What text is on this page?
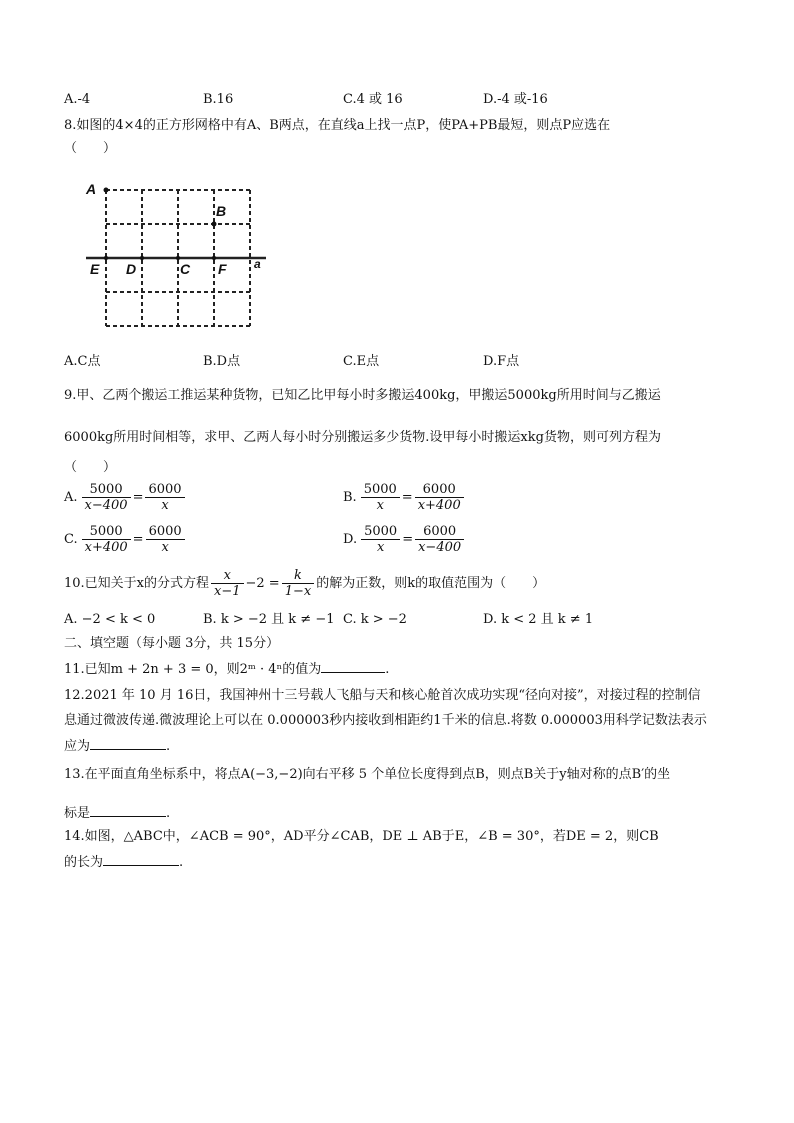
A.-4	B.16	C.4 或 16	D.-4 或-16
8.如图的4×4的正方形网格中有A、B两点，在直线a上找一点P，使PA+PB最短，则点P应选在
（　　）
A
B
E D	C F a
A.C点	B.D点	C.E点	D.F点
9.甲、乙两个搬运工推运某种货物，已知乙比甲每小时多搬运400kg，甲搬运5000kg所用时间与乙搬运
6000kg所用时间相等，求甲、乙两人每小时分别搬运多少货物.设甲每小时搬运xkg货物，则可列方程为
（　　）
A. $\frac{5000}{x-400} = \frac{6000}{x}$	B. $\frac{5000}{x} = \frac{6000}{x+400}$
C. $\frac{5000}{x+400} = \frac{6000}{x}$	D. $\frac{5000}{x} = \frac{6000}{x-400}$
10.已知关于x的分式方程 $\frac{x}{x-1} -2 = \frac{k}{1-x}$ 的解为正数，则k的取值范围为（　　）
A. −2 < k < 0	B. k > −2 且 k ≠ −1 C. k > −2	D. k < 2 且 k ≠ 1
二、填空题（每小题 3分，共 15分）
11.已知m + 2n + 3 = 0，则2ᵐ · 4ⁿ的值为	.
12.2021 年 10 月 16日，我国神州十三号载人飞船与天和核心舱首次成功实现“径向对接”，对接过程的控制信
息通过微波传递.微波理论上可以在 0.000003秒内接收到相距约1千米的信息.将数 0.000003用科学记数法表示
应为	.
13.在平面直角坐标系中，将点A(−3,−2)向右平移 5 个单位长度得到点B，则点B关于y轴对称的点B′的坐
标是	.
14.如图，△ABC中，∠ACB = 90°，AD平分∠CAB，DE ⊥ AB于E，∠B = 30°，若DE = 2，则CB
的长为	.
